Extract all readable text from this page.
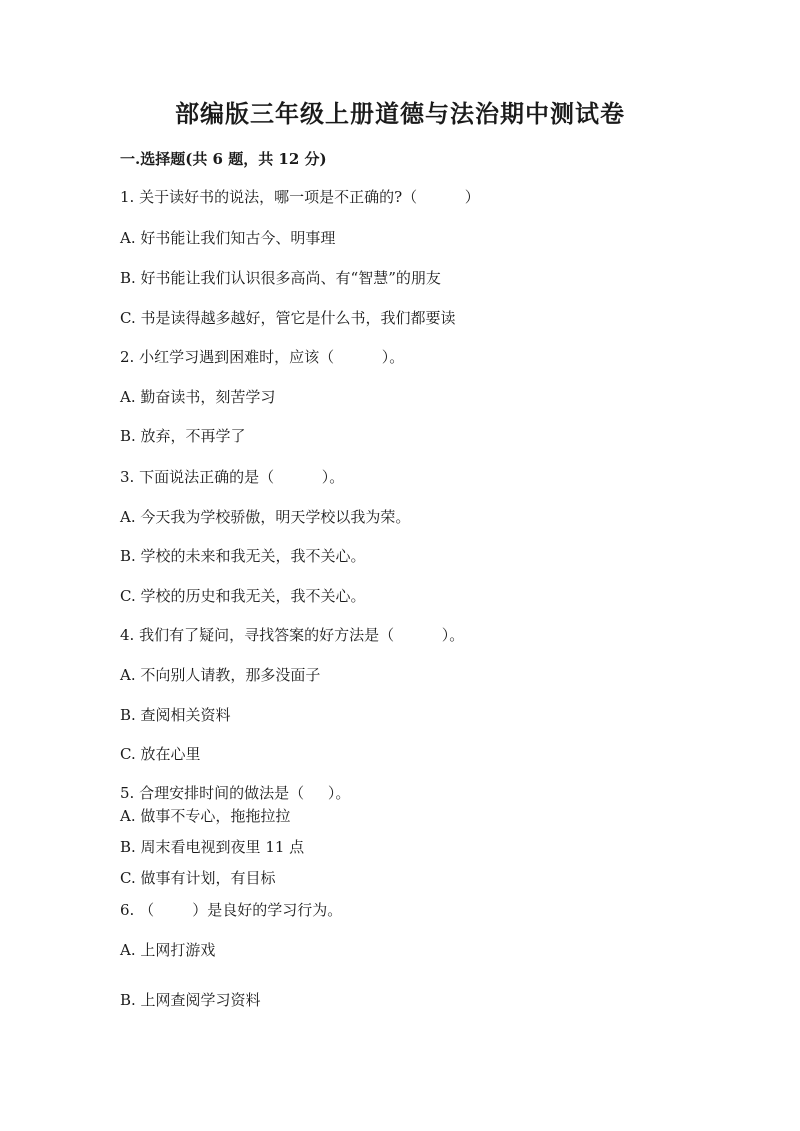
部编版三年级上册道德与法治期中测试卷
一.选择题(共 6 题，共 12 分)
1. 关于读好书的说法，哪一项是不正确的?（          ）
A. 好书能让我们知古今、明事理
B. 好书能让我们认识很多高尚、有“智慧”的朋友
C. 书是读得越多越好，管它是什么书，我们都要读
2. 小红学习遇到困难时，应该（          ）。
A. 勤奋读书，刻苦学习
B. 放弃，不再学了
3. 下面说法正确的是（          ）。
A. 今天我为学校骄傲，明天学校以我为荣。
B. 学校的未来和我无关，我不关心。
C. 学校的历史和我无关，我不关心。
4. 我们有了疑问，寻找答案的好方法是（          ）。
A. 不向别人请教，那多没面子
B. 查阅相关资料
C. 放在心里
5. 合理安排时间的做法是（     ）。
A. 做事不专心，拖拖拉拉
B. 周末看电视到夜里 11 点
C. 做事有计划，有目标
6. （        ）是良好的学习行为。
A. 上网打游戏
B. 上网查阅学习资料
